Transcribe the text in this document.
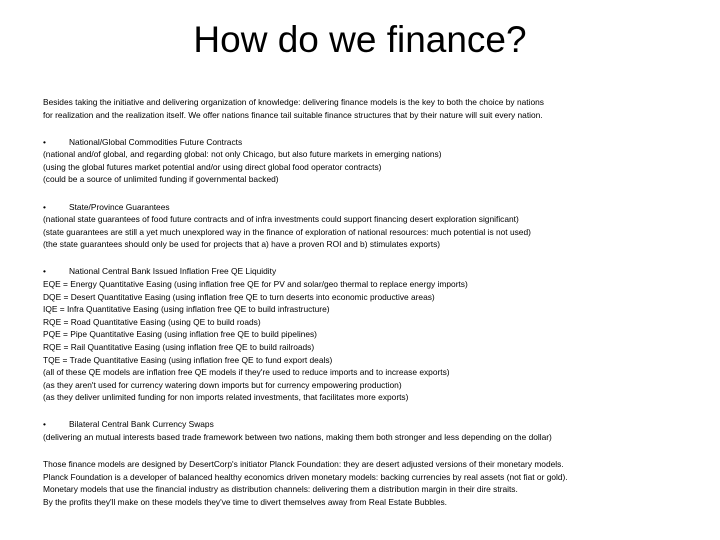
How do we finance?
Besides taking the initiative and delivering organization of knowledge: delivering finance models is the key to both the choice by nations
for realization and the realization itself. We offer nations finance tail suitable finance structures that by their nature will suit every nation.
•	National/Global Commodities Future Contracts
(national and/of global, and regarding global: not only Chicago, but also future markets in emerging nations)
(using the global futures market potential and/or using direct global food operator contracts)
(could be a source of unlimited funding if governmental backed)
•	State/Province Guarantees
(national state guarantees of food future contracts and of infra investments could support financing desert exploration significant)
(state guarantees are still a yet much unexplored way in the finance of exploration of national resources: much potential is not used)
(the state guarantees should only be used for projects that a) have a proven ROI and b) stimulates exports)
•	National Central Bank Issued Inflation Free QE Liquidity
EQE = Energy Quantitative Easing (using inflation free QE for PV and solar/geo thermal to replace energy imports)
DQE = Desert Quantitative Easing (using inflation free QE to turn deserts into economic productive areas)
IQE = Infra Quantitative Easing (using inflation free QE to build infrastructure)
RQE = Road Quantitative Easing (using QE to build roads)
PQE = Pipe Quantitative Easing (using inflation free QE to build pipelines)
RQE = Rail Quantitative Easing (using inflation free QE to build railroads)
TQE = Trade Quantitative Easing (using inflation free QE to fund export deals)
(all of these QE models are inflation free QE models if they're used to reduce imports and to increase exports)
(as they aren't used for currency watering down imports but for currency empowering production)
(as they deliver unlimited funding for non imports related investments, that facilitates more exports)
•	Bilateral Central Bank Currency Swaps
(delivering an mutual interests based trade framework between two nations, making them both stronger and less depending on the dollar)
Those finance models are designed by DesertCorp's initiator Planck Foundation: they are desert adjusted versions of their monetary models.
Planck Foundation is a developer of balanced healthy economics driven monetary models: backing currencies by real assets (not fiat or gold).
Monetary models that use the financial industry as distribution channels: delivering them a distribution margin in their dire straits.
By the profits they'll make on these models they've time to divert themselves away from Real Estate Bubbles.
